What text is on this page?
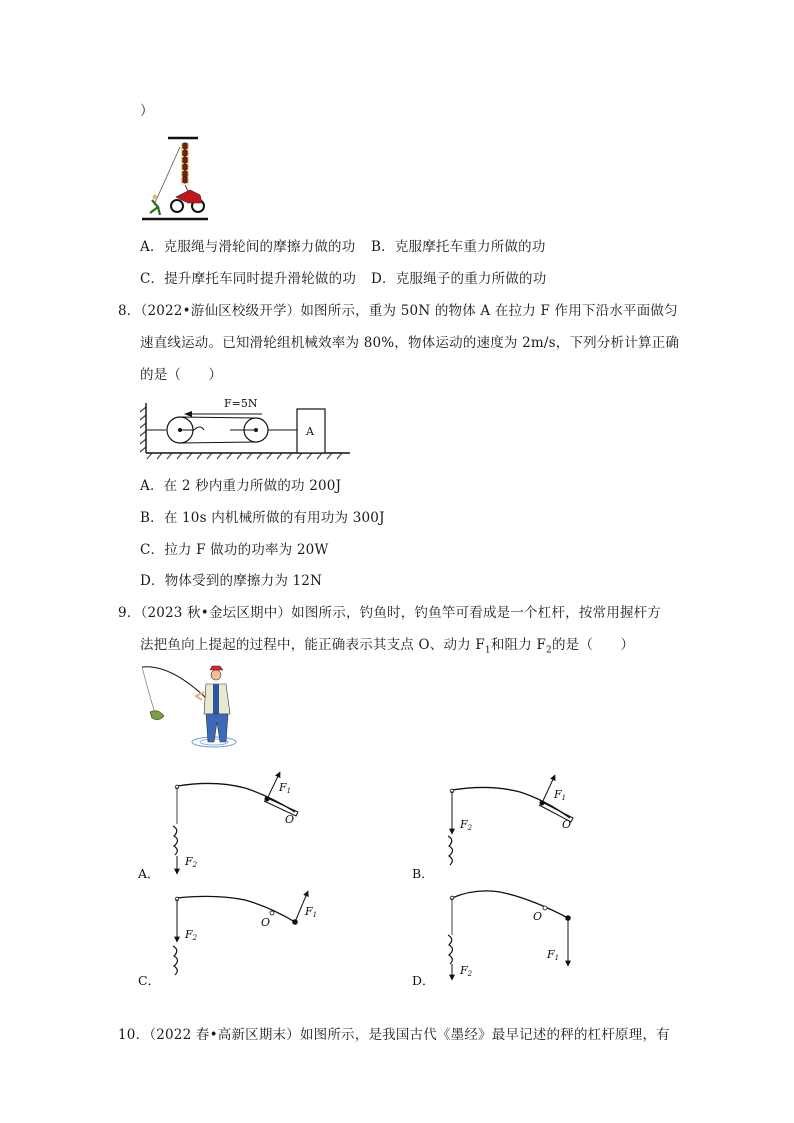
）
A．克服绳与滑轮间的摩擦力做的功 B．克服摩托车重力所做的功
C．提升摩托车同时提升滑轮做的功 D．克服绳子的重力所做的功
8．（2022•游仙区校级开学）如图所示，重为 50N 的物体 A 在拉力 F 作用下沿水平面做匀
速直线运动。已知滑轮组机械效率为 80%，物体运动的速度为 2m/s，下列分析计算正确
的是（　　）
F=5N
A
A．在 2 秒内重力所做的功 200J
B．在 10s 内机械所做的有用功为 300J
C．拉力 F 做功的功率为 20W
D．物体受到的摩擦力为 12N
9．（2023 秋•金坛区期中）如图所示，钓鱼时，钓鱼竿可看成是一个杠杆，按常用握杆方
法把鱼向上提起的过程中，能正确表示其支点 O、动力 $F_1$和阻力 $F_2$的是（　　）
F1
O
F2
A．
F1
O
F2
B．
F1
O
F2
C．
F1
O
F2
D．
10．（2022 春•高新区期末）如图所示，是我国古代《墨经》最早记述的秤的杠杆原理，有
